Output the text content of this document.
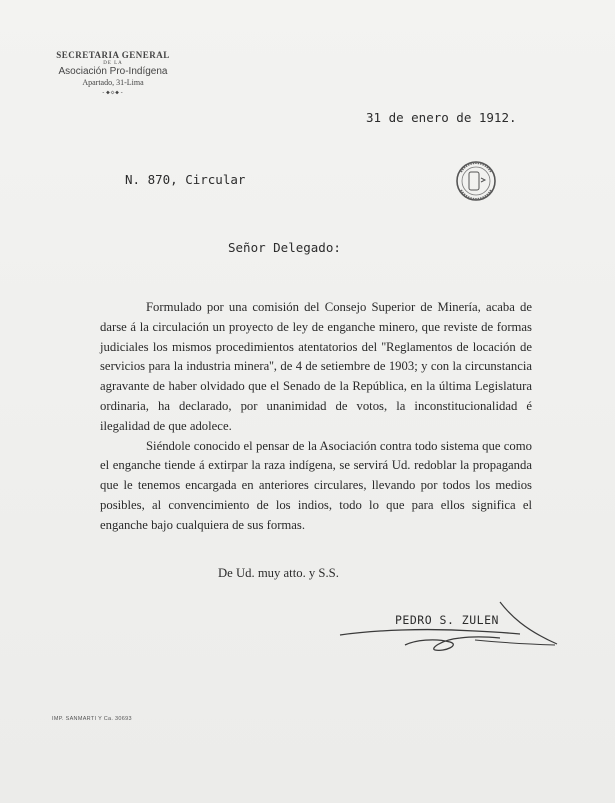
SECRETARIA GENERAL
DE LA
Asociación Pro-Indígena
Apartado, 31-Lima
-◆◇◆-
31 de enero de 1912.
N. 870, Circular
Señor Delegado:

Formulado por una comisión del Consejo Superior de Minería, acaba de darse á la circulación un proyecto de ley de enganche minero, que reviste de formas judiciales los mismos procedimientos atentatorios del ''Reglamentos de locación de servicios para la industria minera'', de 4 de setiembre de 1903; y con la circunstancia agravante de haber olvidado que el Senado de la República, en la última Legislatura ordinaria, ha declarado, por unanimidad de votos, la inconstitucionalidad é ilegalidad de que adolece.

Siéndole conocido el pensar de la Asociación contra todo sistema que como el enganche tiende á extirpar la raza indígena, se servirá Ud. redoblar la propaganda que le tenemos encargada en anteriores circulares, llevando por todos los medios posibles, al convencimiento de los indios, todo lo que para ellos significa el enganche bajo cualquiera de sus formas.

De Ud. muy atto. y S.S.
PEDRO S. ZULEN
IMP. SANMARTI Y Ca. 30693
